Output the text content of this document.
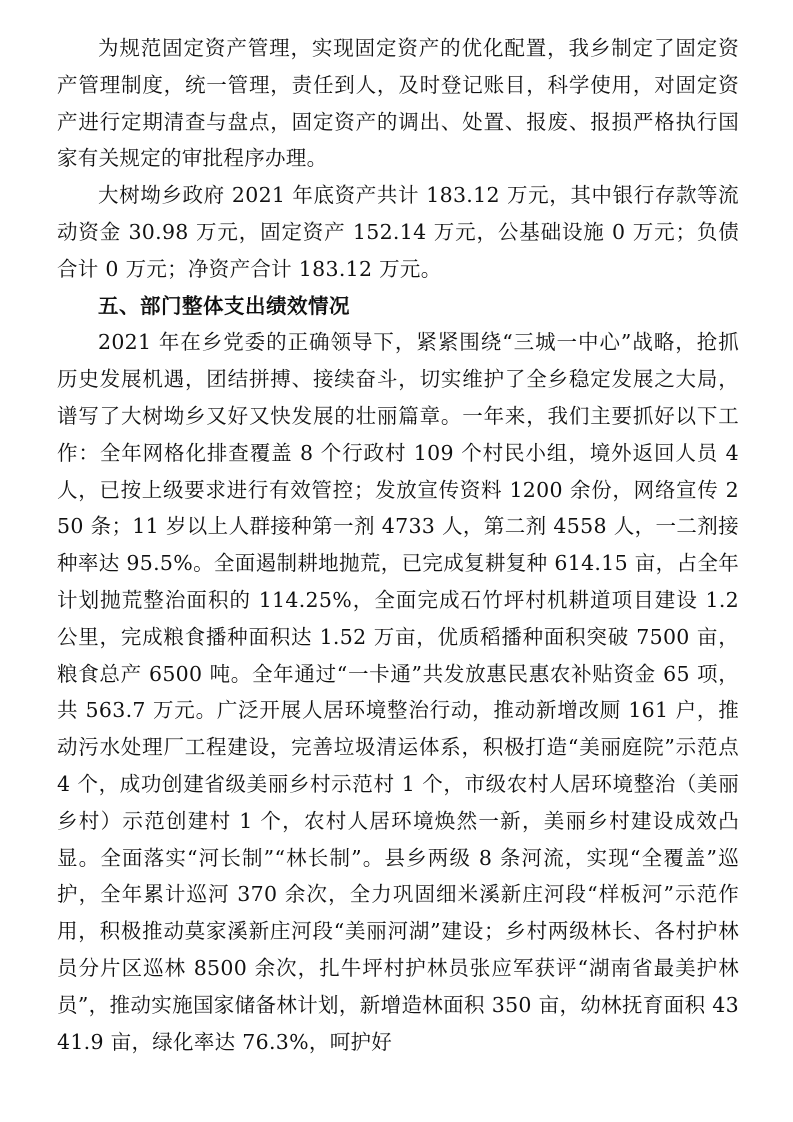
为规范固定资产管理，实现固定资产的优化配置，我乡制定了固定资产管理制度，统一管理，责任到人，及时登记账目，科学使用，对固定资产进行定期清查与盘点，固定资产的调出、处置、报废、报损严格执行国家有关规定的审批程序办理。

大树坳乡政府 2021 年底资产共计 183.12 万元，其中银行存款等流动资金 30.98 万元，固定资产 152.14 万元，公基础设施 0 万元；负债合计 0 万元；净资产合计 183.12 万元。

五、部门整体支出绩效情况

2021 年在乡党委的正确领导下，紧紧围绕“三城一中心”战略，抢抓历史发展机遇，团结拼搏、接续奋斗，切实维护了全乡稳定发展之大局，谱写了大树坳乡又好又快发展的壮丽篇章。一年来，我们主要抓好以下工作：全年网格化排查覆盖 8 个行政村 109 个村民小组，境外返回人员 4 人，已按上级要求进行有效管控；发放宣传资料 1200 余份，网络宣传 250 条；11 岁以上人群接种第一剂 4733 人，第二剂 4558 人，一二剂接种率达 95.5%。全面遏制耕地抛荒，已完成复耕复种 614.15 亩，占全年计划抛荒整治面积的 114.25%，全面完成石竹坪村机耕道项目建设 1.2 公里，完成粮食播种面积达 1.52 万亩，优质稻播种面积突破 7500 亩，粮食总产 6500 吨。全年通过“一卡通”共发放惠民惠农补贴资金 65 项，共 563.7 万元。广泛开展人居环境整治行动，推动新增改厕 161 户，推动污水处理厂工程建设，完善垃圾清运体系，积极打造“美丽庭院”示范点 4 个，成功创建省级美丽乡村示范村 1 个，市级农村人居环境整治（美丽乡村）示范创建村 1 个，农村人居环境焕然一新，美丽乡村建设成效凸显。全面落实“河长制”“林长制”。县乡两级 8 条河流，实现“全覆盖”巡护，全年累计巡河 370 余次，全力巩固细米溪新庄河段“样板河”示范作用，积极推动莫家溪新庄河段“美丽河湖”建设；乡村两级林长、各村护林员分片区巡林 8500 余次，扎牛坪村护林员张应军获评“湖南省最美护林员”，推动实施国家储备林计划，新增造林面积 350 亩，幼林抚育面积 4341.9 亩，绿化率达 76.3%，呵护好
